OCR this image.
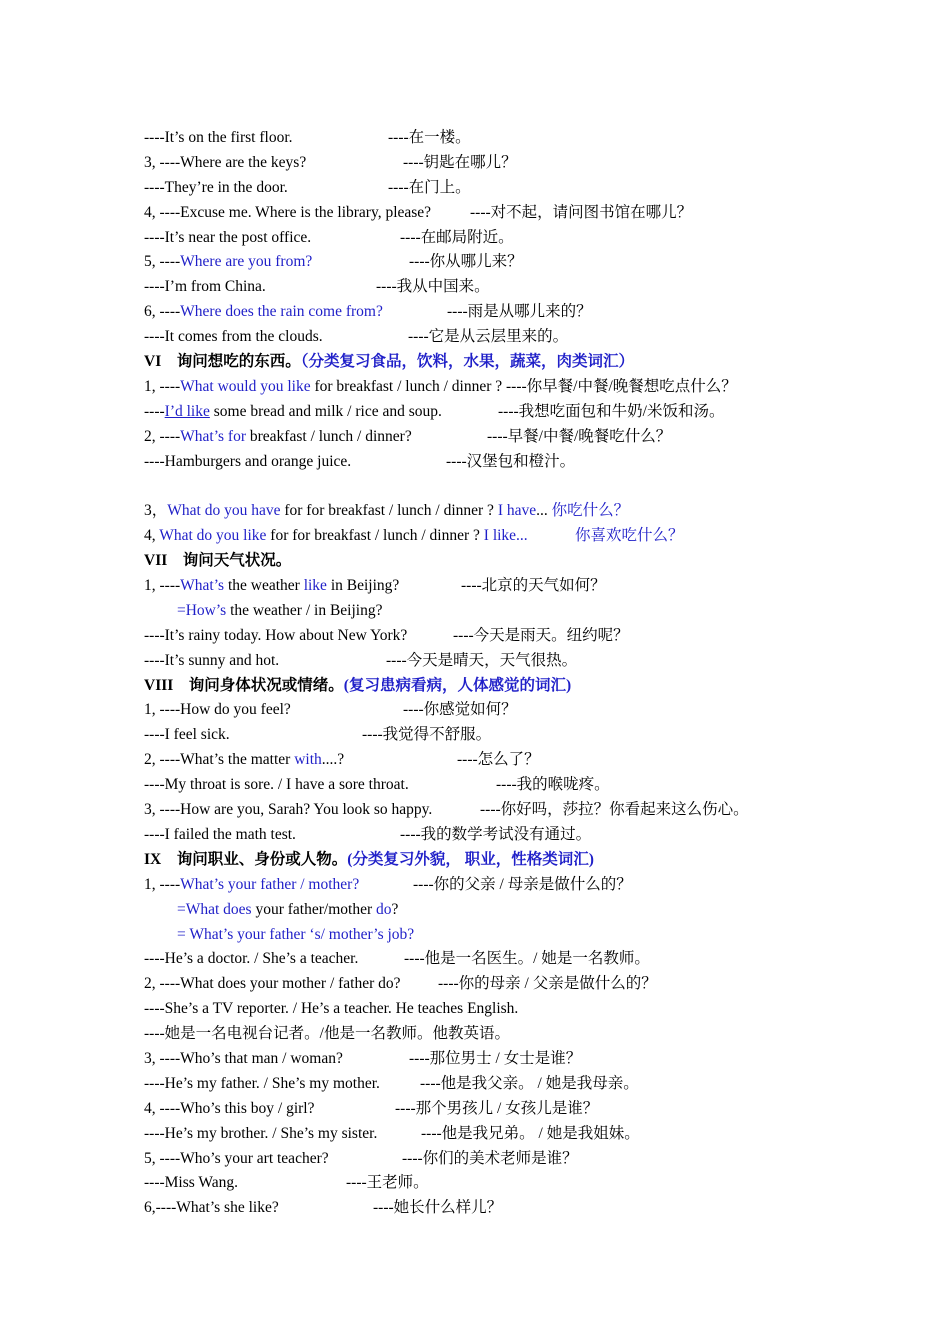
----It’s on the first floor.	----在一楼。
3, ----Where are the keys?	----钥匙在哪儿？
----They’re in the door.	----在门上。
4, ----Excuse me. Where is the library, please?	----对不起，请问图书馆在哪儿？
----It’s near the post office.	----在邮局附近。
5, ----Where are you from?	----你从哪儿来？
----I’m from China.	----我从中国来。
6, ----Where does the rain come from?	----雨是从哪儿来的？
----It comes from the clouds.	----它是从云层里来的。
VI　询问想吃的东西。（分类复习食品，饮料，水果，蔬菜，肉类词汇）
1, ----What would you like for breakfast / lunch / dinner ? ----你早餐/中餐/晚餐想吃点什么？
----I’d like some bread and milk / rice and soup.	----我想吃面包和牛奶/米饭和汤。
2, ----What’s for breakfast / lunch / dinner?	----早餐/中餐/晚餐吃什么？
----Hamburgers and orange juice.	----汉堡包和橙汁。
3，What do you have for for breakfast / lunch / dinner ? I have... 你吃什么？
4, What do you like for for breakfast / lunch / dinner ? I like...	你喜欢吃什么？
VII　询问天气状况。
1, ----What’s the weather like in Beijing?	----北京的天气如何？
=How’s the weather / in Beijing?
----It’s rainy today. How about New York?	----今天是雨天。纽约呢？
----It’s sunny and hot.	----今天是晴天，天气很热。
VIII　询问身体状况或情绪。(复习患病看病，人体感觉的词汇)
1, ----How do you feel?	----你感觉如何？
----I feel sick.	----我觉得不舒服。
2, ----What’s the matter with....?	----怎么了？
----My throat is sore. / I have a sore throat.	----我的喉咙疼。
3, ----How are you, Sarah? You look so happy.	----你好吗，莎拉？你看起来这么伤心。
----I failed the math test.	----我的数学考试没有通过。
IX　询问职业、身份或人物。(分类复习外貌， 职业，性格类词汇)
1, ----What’s your father / mother?	----你的父亲 / 母亲是做什么的？
=What does your father/mother do?
= What’s your father ‘s/ mother’s job?
----He’s a doctor. / She’s a teacher.	----他是一名医生。/ 她是一名教师。
2, ----What does your mother / father do? ----你的母亲 / 父亲是做什么的？
----She’s a TV reporter. / He’s a teacher. He teaches English.
----她是一名电视台记者。/他是一名教师。他教英语。
3, ----Who’s that man / woman?	----那位男士 / 女士是谁？
----He’s my father. / She’s my mother.	----他是我父亲。 / 她是我母亲。
4, ----Who’s this boy / girl?	----那个男孩儿 / 女孩儿是谁？
----He’s my brother. / She’s my sister.	----他是我兄弟。 / 她是我姐妹。
5, ----Who’s your art teacher?	----你们的美术老师是谁？
----Miss Wang.	----王老师。
6,----What’s she like?	----她长什么样儿？
